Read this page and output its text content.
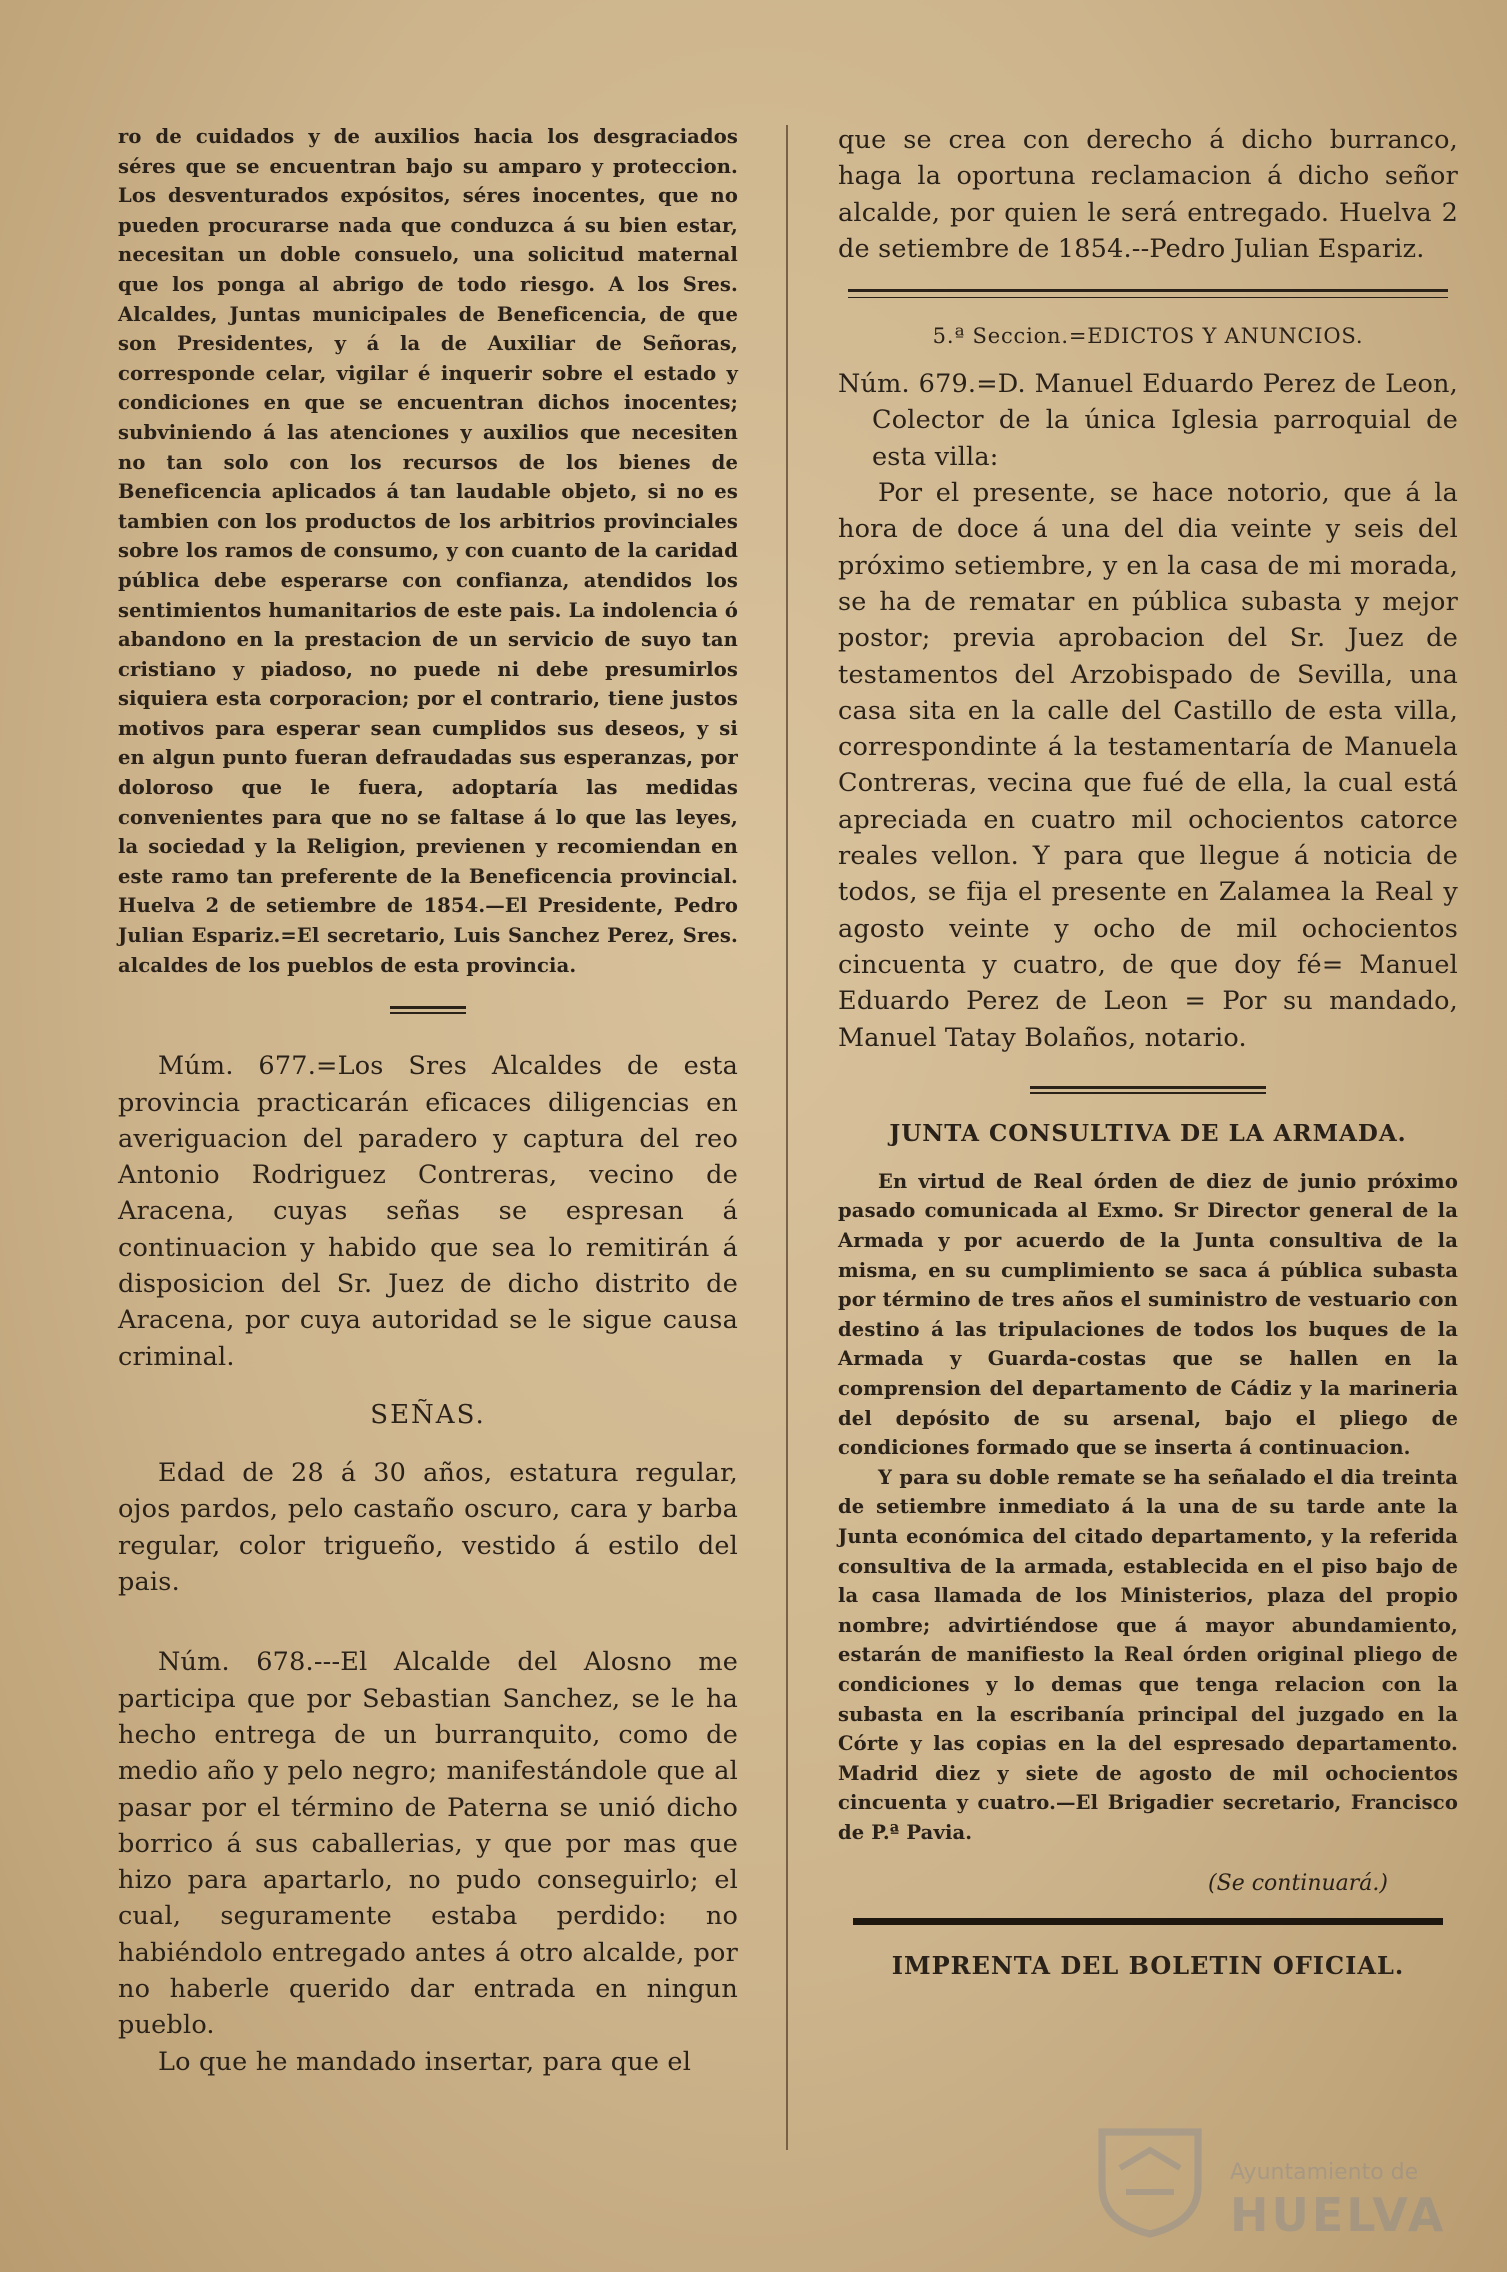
ro de cuidados y de auxilios hacia los desgraciados séres que se encuentran bajo su amparo y proteccion. Los desventurados expósitos, séres inocentes, que no pueden procurarse nada que conduzca á su bien estar, necesitan un doble consuelo, una solicitud maternal que los ponga al abrigo de todo riesgo. A los Sres. Alcaldes, Juntas municipales de Beneficencia, de que son Presidentes, y á la de Auxiliar de Señoras, corresponde celar, vigilar é inquerir sobre el estado y condiciones en que se encuentran dichos inocentes; subviniendo á las atenciones y auxilios que necesiten no tan solo con los recursos de los bienes de Beneficencia aplicados á tan laudable objeto, si no es tambien con los productos de los arbitrios provinciales sobre los ramos de consumo, y con cuanto de la caridad pública debe esperarse con confianza, atendidos los sentimientos humanitarios de este pais. La indolencia ó abandono en la prestacion de un servicio de suyo tan cristiano y piadoso, no puede ni debe presumirlos siquiera esta corporacion; por el contrario, tiene justos motivos para esperar sean cumplidos sus deseos, y si en algun punto fueran defraudadas sus esperanzas, por doloroso que le fuera, adoptaría las medidas convenientes para que no se faltase á lo que las leyes, la sociedad y la Religion, previenen y recomiendan en este ramo tan preferente de la Beneficencia provincial. Huelva 2 de setiembre de 1854.—El Presidente, Pedro Julian Espariz.=El secretario, Luis Sanchez Perez, Sres. alcaldes de los pueblos de esta provincia.

Múm. 677.=Los Sres Alcaldes de esta provincia practicarán eficaces diligencias en averiguacion del paradero y captura del reo Antonio Rodriguez Contreras, vecino de Aracena, cuyas señas se espresan á continuacion y habido que sea lo remitirán á disposicion del Sr. Juez de dicho distrito de Aracena, por cuya autoridad se le sigue causa criminal.

SEÑAS.

Edad de 28 á 30 años, estatura regular, ojos pardos, pelo castaño oscuro, cara y barba regular, color trigueño, vestido á estilo del pais.

Núm. 678.---El Alcalde del Alosno me participa que por Sebastian Sanchez, se le ha hecho entrega de un burranquito, como de medio año y pelo negro; manifestándole que al pasar por el término de Paterna se unió dicho borrico á sus caballerias, y que por mas que hizo para apartarlo, no pudo conseguirlo; el cual, seguramente estaba perdido: no habiéndolo entregado antes á otro alcalde, por no haberle querido dar entrada en ningun pueblo.

Lo que he mandado insertar, para que el

que se crea con derecho á dicho burranco, haga la oportuna reclamacion á dicho señor alcalde, por quien le será entregado. Huelva 2 de setiembre de 1854.--Pedro Julian Espariz.

5.ª Seccion.=EDICTOS Y ANUNCIOS.

Núm. 679.=D. Manuel Eduardo Perez de Leon, Colector de la única Iglesia parroquial de esta villa:

Por el presente, se hace notorio, que á la hora de doce á una del dia veinte y seis del próximo setiembre, y en la casa de mi morada, se ha de rematar en pública subasta y mejor postor; previa aprobacion del Sr. Juez de testamentos del Arzobispado de Sevilla, una casa sita en la calle del Castillo de esta villa, correspondinte á la testamentaría de Manuela Contreras, vecina que fué de ella, la cual está apreciada en cuatro mil ochocientos catorce reales vellon. Y para que llegue á noticia de todos, se fija el presente en Zalamea la Real y agosto veinte y ocho de mil ochocientos cincuenta y cuatro, de que doy fé= Manuel Eduardo Perez de Leon = Por su mandado, Manuel Tatay Bolaños, notario.

JUNTA CONSULTIVA DE LA ARMADA.

En virtud de Real órden de diez de junio próximo pasado comunicada al Exmo. Sr Director general de la Armada y por acuerdo de la Junta consultiva de la misma, en su cumplimiento se saca á pública subasta por término de tres años el suministro de vestuario con destino á las tripulaciones de todos los buques de la Armada y Guarda-costas que se hallen en la comprension del departamento de Cádiz y la marineria del depósito de su arsenal, bajo el pliego de condiciones formado que se inserta á continuacion.

Y para su doble remate se ha señalado el dia treinta de setiembre inmediato á la una de su tarde ante la Junta económica del citado departamento, y la referida consultiva de la armada, establecida en el piso bajo de la casa llamada de los Ministerios, plaza del propio nombre; advirtiéndose que á mayor abundamiento, estarán de manifiesto la Real órden original pliego de condiciones y lo demas que tenga relacion con la subasta en la escribanía principal del juzgado en la Córte y las copias en la del espresado departamento. Madrid diez y siete de agosto de mil ochocientos cincuenta y cuatro.—El Brigadier secretario, Francisco de P.ª Pavia.

(Se continuará.)
IMPRENTA DEL BOLETIN OFICIAL.
Ayuntamiento de
HUELVA
